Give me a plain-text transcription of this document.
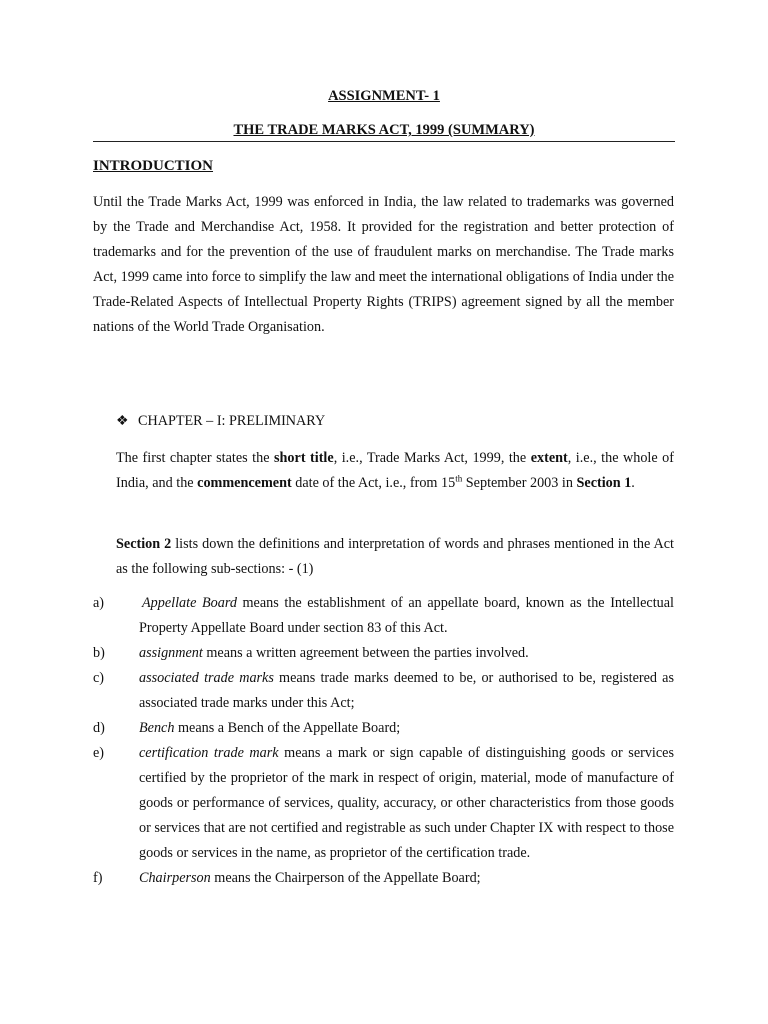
ASSIGNMENT- 1
THE TRADE MARKS ACT, 1999 (SUMMARY)
INTRODUCTION
Until the Trade Marks Act, 1999 was enforced in India, the law related to trademarks was governed by the Trade and Merchandise Act, 1958. It provided for the registration and better protection of trademarks and for the prevention of the use of fraudulent marks on merchandise. The Trade marks Act, 1999 came into force to simplify the law and meet the international obligations of India under the Trade-Related Aspects of Intellectual Property Rights (TRIPS) agreement signed by all the member nations of the World Trade Organisation.
❖ CHAPTER – I: PRELIMINARY
The first chapter states the short title, i.e., Trade Marks Act, 1999, the extent, i.e., the whole of India, and the commencement date of the Act, i.e., from 15th September 2003 in Section 1.
Section 2 lists down the definitions and interpretation of words and phrases mentioned in the Act as the following sub-sections: - (1)
a)	Appellate Board means the establishment of an appellate board, known as the Intellectual Property Appellate Board under section 83 of this Act.
b) assignment means a written agreement between the parties involved.
c) associated trade marks means trade marks deemed to be, or authorised to be, registered as associated trade marks under this Act;
d) Bench means a Bench of the Appellate Board;
e) certification trade mark means a mark or sign capable of distinguishing goods or services certified by the proprietor of the mark in respect of origin, material, mode of manufacture of goods or performance of services, quality, accuracy, or other characteristics from those goods or services that are not certified and registrable as such under Chapter IX with respect to those goods or services in the name, as proprietor of the certification trade.
f)	Chairperson means the Chairperson of the Appellate Board;
